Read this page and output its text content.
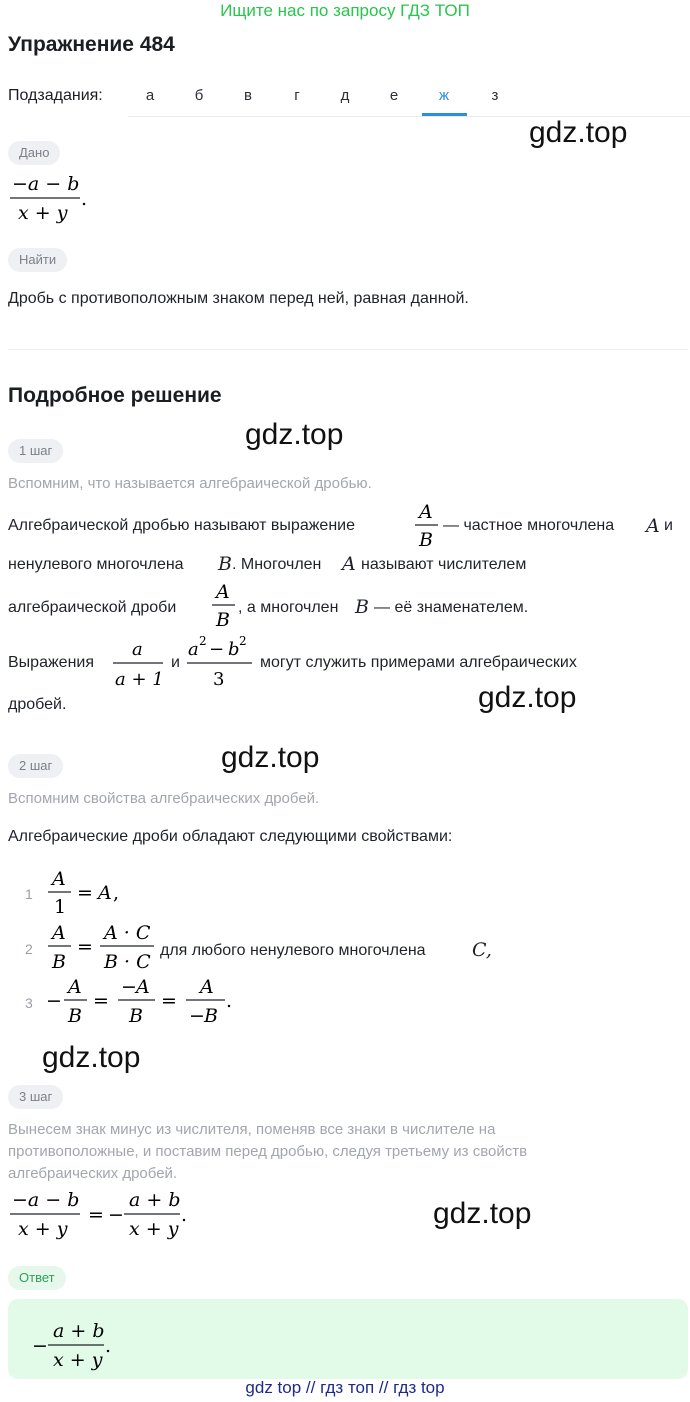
Ищите нас по запросу ГДЗ ТОП
Упражнение 484
Подзадания:	а	б	в	г	д	е	ж	з
gdz.top
gdz.top
gdz.top
gdz.top
gdz.top
gdz.top
Дано
−a − b
x + y
.
Найти
Дробь с противоположным знаком перед ней, равная данной.
Подробное решение
1 шаг
Вспомним, что называется алгебраической дробью.
Алгебраической дробью называют выражение
A
B
— частное многочлена A и
ненулевого многочлена B . Многочлен A называют числителем
алгебраической дроби
A
B
, а многочлен B — её знаменателем.
Выражения
a
a + 1
и
a 2 − b 2
3
могут служить примерами алгебраических
дробей.
2 шаг
Вспомним свойства алгебраических дробей.
Алгебраические дроби обладают следующими свойствами:
1
A
1
= A ,
2
A
B
=
A · C
B · C
для любого ненулевого многочлена C,
3 −
A
B
=
− A
B
=
A
− B
.
3 шаг
Вынесем знак минус из числителя, поменяв все знаки в числителе на
противоположные, и поставим перед дробью, следуя третьему из свойств
алгебраических дробей.
−a − b
x + y
= −
a + b
x + y
.
Ответ
−
a + b
x + y
.
gdz top // гдз топ // гдз top
